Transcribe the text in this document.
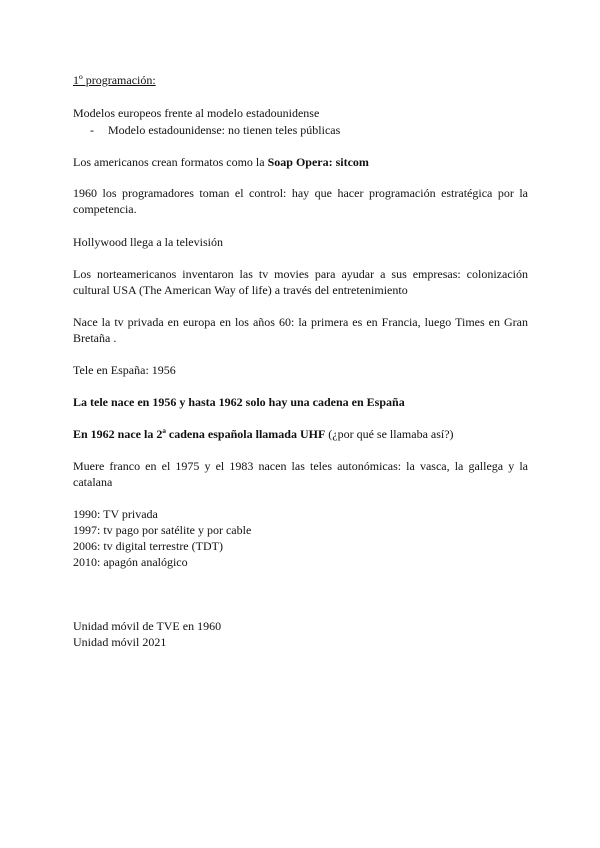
1º programación:
Modelos europeos frente al modelo estadounidense
- Modelo estadounidense: no tienen teles públicas
Los americanos crean formatos como la Soap Opera: sitcom
1960 los programadores toman el control: hay que hacer programación estratégica por la competencia.
Hollywood llega a la televisión
Los norteamericanos inventaron las tv movies para ayudar a sus empresas: colonización cultural USA (The American Way of life) a través del entretenimiento
Nace la tv privada en europa en los años 60: la primera es en Francia, luego Times en Gran Bretaña .
Tele en España: 1956
La tele nace en 1956 y hasta 1962 solo hay una cadena en España
En 1962 nace la 2ª cadena española llamada UHF (¿por qué se llamaba así?)
Muere franco en el 1975 y el 1983 nacen las teles autonómicas: la vasca, la gallega y la catalana
1990: TV privada
1997: tv pago por satélite y por cable
2006: tv digital terrestre (TDT)
2010: apagón analógico
Unidad móvil de TVE en 1960
Unidad móvil 2021
